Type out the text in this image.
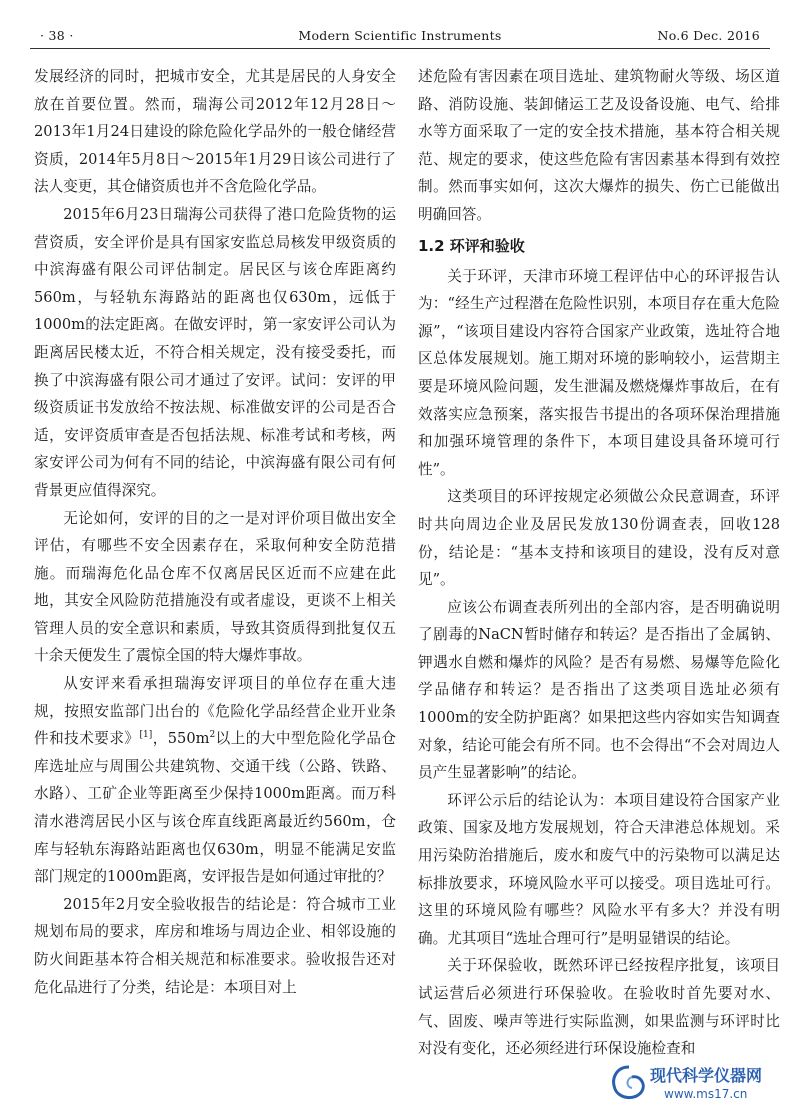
· 38 ·	Modern Scientific Instruments	No.6 Dec. 2016

发展经济的同时，把城市安全，尤其是居民的人身安全放在首要位置。然而，瑞海公司2012年12月28日～2013年1月24日建设的除危险化学品外的一般仓储经营资质，2014年5月8日～2015年1月29日该公司进行了法人变更，其仓储资质也并不含危险化学品。

2015年6月23日瑞海公司获得了港口危险货物的运营资质，安全评价是具有国家安监总局核发甲级资质的中滨海盛有限公司评估制定。居民区与该仓库距离约560m，与轻轨东海路站的距离也仅630m，远低于1000m的法定距离。在做安评时，第一家安评公司认为距离居民楼太近，不符合相关规定，没有接受委托，而换了中滨海盛有限公司才通过了安评。试问：安评的甲级资质证书发放给不按法规、标准做安评的公司是否合适，安评资质审查是否包括法规、标准考试和考核，两家安评公司为何有不同的结论，中滨海盛有限公司有何背景更应值得深究。

无论如何，安评的目的之一是对评价项目做出安全评估，有哪些不安全因素存在，采取何种安全防范措施。而瑞海危化品仓库不仅离居民区近而不应建在此地，其安全风险防范措施没有或者虚设，更谈不上相关管理人员的安全意识和素质，导致其资质得到批复仅五十余天便发生了震惊全国的特大爆炸事故。

从安评来看承担瑞海安评项目的单位存在重大违规，按照安监部门出台的《危险化学品经营企业开业条件和技术要求》[1]，$550m^2$以上的大中型危险化学品仓库选址应与周围公共建筑物、交通干线（公路、铁路、水路）、工矿企业等距离至少保持1000m距离。而万科清水港湾居民小区与该仓库直线距离最近约560m，仓库与轻轨东海路站距离也仅630m，明显不能满足安监部门规定的1000m距离，安评报告是如何通过审批的？

2015年2月安全验收报告的结论是：符合城市工业规划布局的要求，库房和堆场与周边企业、相邻设施的防火间距基本符合相关规范和标准要求。验收报告还对危化品进行了分类，结论是：本项目对上

述危险有害因素在项目选址、建筑物耐火等级、场区道路、消防设施、装卸储运工艺及设备设施、电气、给排水等方面采取了一定的安全技术措施，基本符合相关规范、规定的要求，使这些危险有害因素基本得到有效控制。然而事实如何，这次大爆炸的损失、伤亡已能做出明确回答。

1.2 环评和验收

关于环评，天津市环境工程评估中心的环评报告认为：“经生产过程潜在危险性识别，本项目存在重大危险源”，“该项目建设内容符合国家产业政策，选址符合地区总体发展规划。施工期对环境的影响较小，运营期主要是环境风险问题，发生泄漏及燃烧爆炸事故后，在有效落实应急预案，落实报告书提出的各项环保治理措施和加强环境管理的条件下，本项目建设具备环境可行性”。

这类项目的环评按规定必须做公众民意调查，环评时共向周边企业及居民发放130份调查表，回收128份，结论是：“基本支持和该项目的建设，没有反对意见”。

应该公布调查表所列出的全部内容，是否明确说明了剧毒的NaCN暂时储存和转运？是否指出了金属钠、钾遇水自燃和爆炸的风险？是否有易燃、易爆等危险化学品储存和转运？是否指出了这类项目选址必须有1000m的安全防护距离？如果把这些内容如实告知调查对象，结论可能会有所不同。也不会得出“不会对周边人员产生显著影响”的结论。

环评公示后的结论认为：本项目建设符合国家产业政策、国家及地方发展规划，符合天津港总体规划。采用污染防治措施后，废水和废气中的污染物可以满足达标排放要求，环境风险水平可以接受。项目选址可行。这里的环境风险有哪些？风险水平有多大？并没有明确。尤其项目“选址合理可行”是明显错误的结论。

关于环保验收，既然环评已经按程序批复，该项目试运营后必须进行环保验收。在验收时首先要对水、气、固废、噪声等进行实际监测，如果监测与环评时比对没有变化，还必须经进行环保设施检查和

现代科学仪器网
www.ms17.cn
